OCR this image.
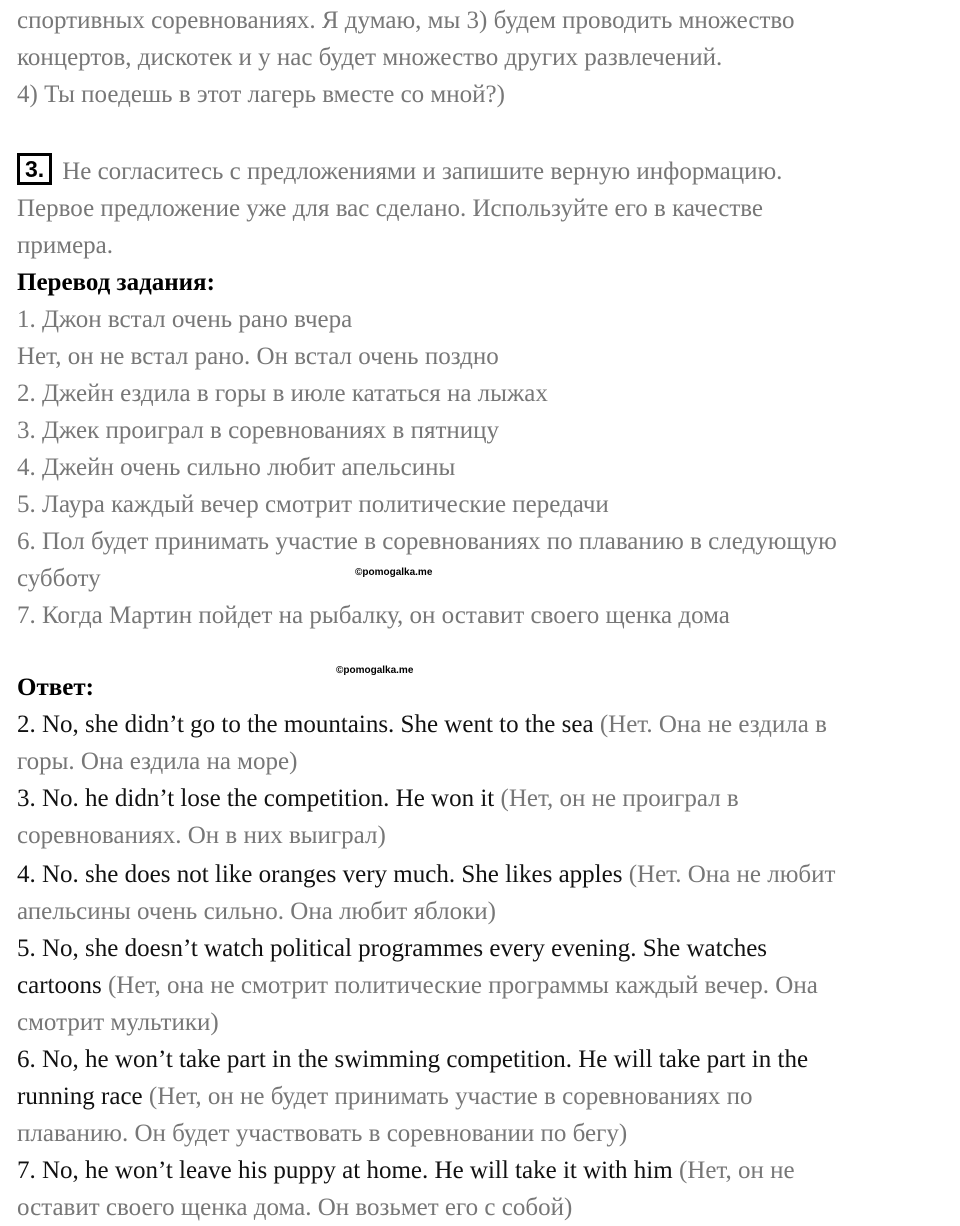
спортивных соревнованиях. Я думаю, мы 3) будем проводить множество
концертов, дискотек и у нас будет множество других развлечений.
4) Ты поедешь в этот лагерь вместе со мной?)
3. Не согласитесь с предложениями и запишите верную информацию.
Первое предложение уже для вас сделано. Используйте его в качестве
примера.
Перевод задания:
1. Джон встал очень рано вчера
Нет, он не встал рано. Он встал очень поздно
2. Джейн ездила в горы в июле кататься на лыжах
3. Джек проиграл в соревнованиях в пятницу
4. Джейн очень сильно любит апельсины
5. Лаура каждый вечер смотрит политические передачи
6. Пол будет принимать участие в соревнованиях по плаванию в следующую
субботу
7. Когда Мартин пойдет на рыбалку, он оставит своего щенка дома
Ответ:
2. No, she didn’t go to the mountains. She went to the sea (Нет. Она не ездила в
горы. Она ездила на море)
3. No. he didn’t lose the competition. He won it (Нет, он не проиграл в
соревнованиях. Он в них выиграл)
4. No. she does not like oranges very much. She likes apples (Нет. Она не любит
апельсины очень сильно. Она любит яблоки)
5. No, she doesn’t watch political programmes every evening. She watches
cartoons (Нет, она не смотрит политические программы каждый вечер. Она
смотрит мультики)
6. No, he won’t take part in the swimming competition. He will take part in the
running race (Нет, он не будет принимать участие в соревнованиях по
плаванию. Он будет участвовать в соревновании по бегу)
7. No, he won’t leave his puppy at home. He will take it with him (Нет, он не
оставит своего щенка дома. Он возьмет его с собой)
©pomogalka.me
©pomogalka.me
